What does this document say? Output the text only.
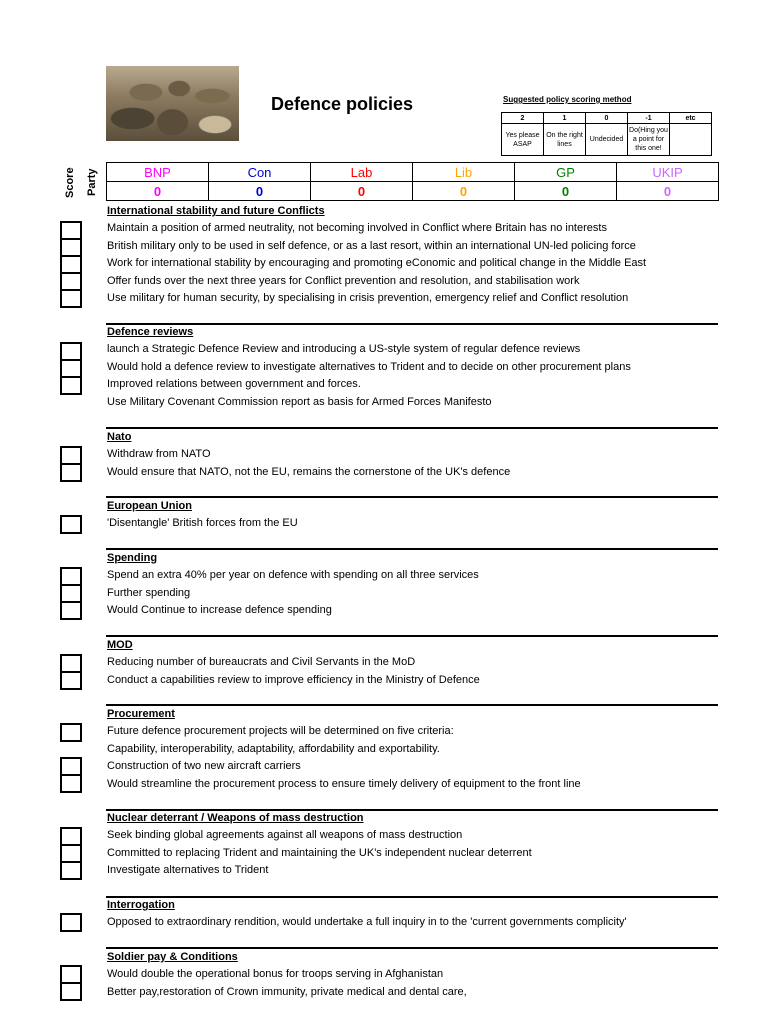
Defence policies	Suggested policy scoring method
2	1	0	-1	etc
Yes please ASAP	On the right lines	Undecided	Do(Hing you a point for this one!	
Score Party	BNP	Con	Lab	Lib	GP	UKIP
0	0	0	0	0	0
International stability and future Conflicts
Maintain a position of armed neutrality, not becoming involved in Conflict where Britain has no interests
British military only to be used in self defence, or as a last resort, within an international UN-led policing force
Work for international stability by encouraging and promoting eConomic and political change in the Middle East
Offer funds over the next three years for Conflict prevention and resolution, and stabilisation work
Use military for human security, by specialising in crisis prevention, emergency relief and Conflict resolution
Defence reviews
launch a Strategic Defence Review and introducing a US-style system of regular defence reviews
Would hold a defence review to investigate alternatives to Trident and to decide on other procurement plans
Improved relations between government and forces.
Use Military Covenant Commission report as basis for Armed Forces Manifesto
Nato
Withdraw from NATO
Would ensure that NATO, not the EU, remains the cornerstone of the UK's defence
European Union
'Disentangle' British forces from the EU
Spending
Spend an extra 40% per year on defence with spending on all three services
Further spending
Would Continue to increase defence spending
MOD
Reducing number of bureaucrats and Civil Servants in the MoD
Conduct a capabilities review to improve efficiency in the Ministry of Defence
Procurement
Future defence procurement projects will be determined on five criteria:
Capability, interoperability, adaptability, affordability and exportability.
Construction of two new aircraft carriers
Would streamline the procurement process to ensure timely delivery of equipment to the front line
Nuclear deterrant / Weapons of mass destruction
Seek binding global agreements against all weapons of mass destruction
Committed to replacing Trident and maintaining the UK's independent nuclear deterrent
Investigate alternatives to Trident
Interrogation
Opposed to extraordinary rendition, would undertake a full inquiry in to the 'current governments complicity'
Soldier pay & Conditions
Would double the operational bonus for troops serving in Afghanistan
Better pay,restoration of Crown immunity, private medical and dental care,
